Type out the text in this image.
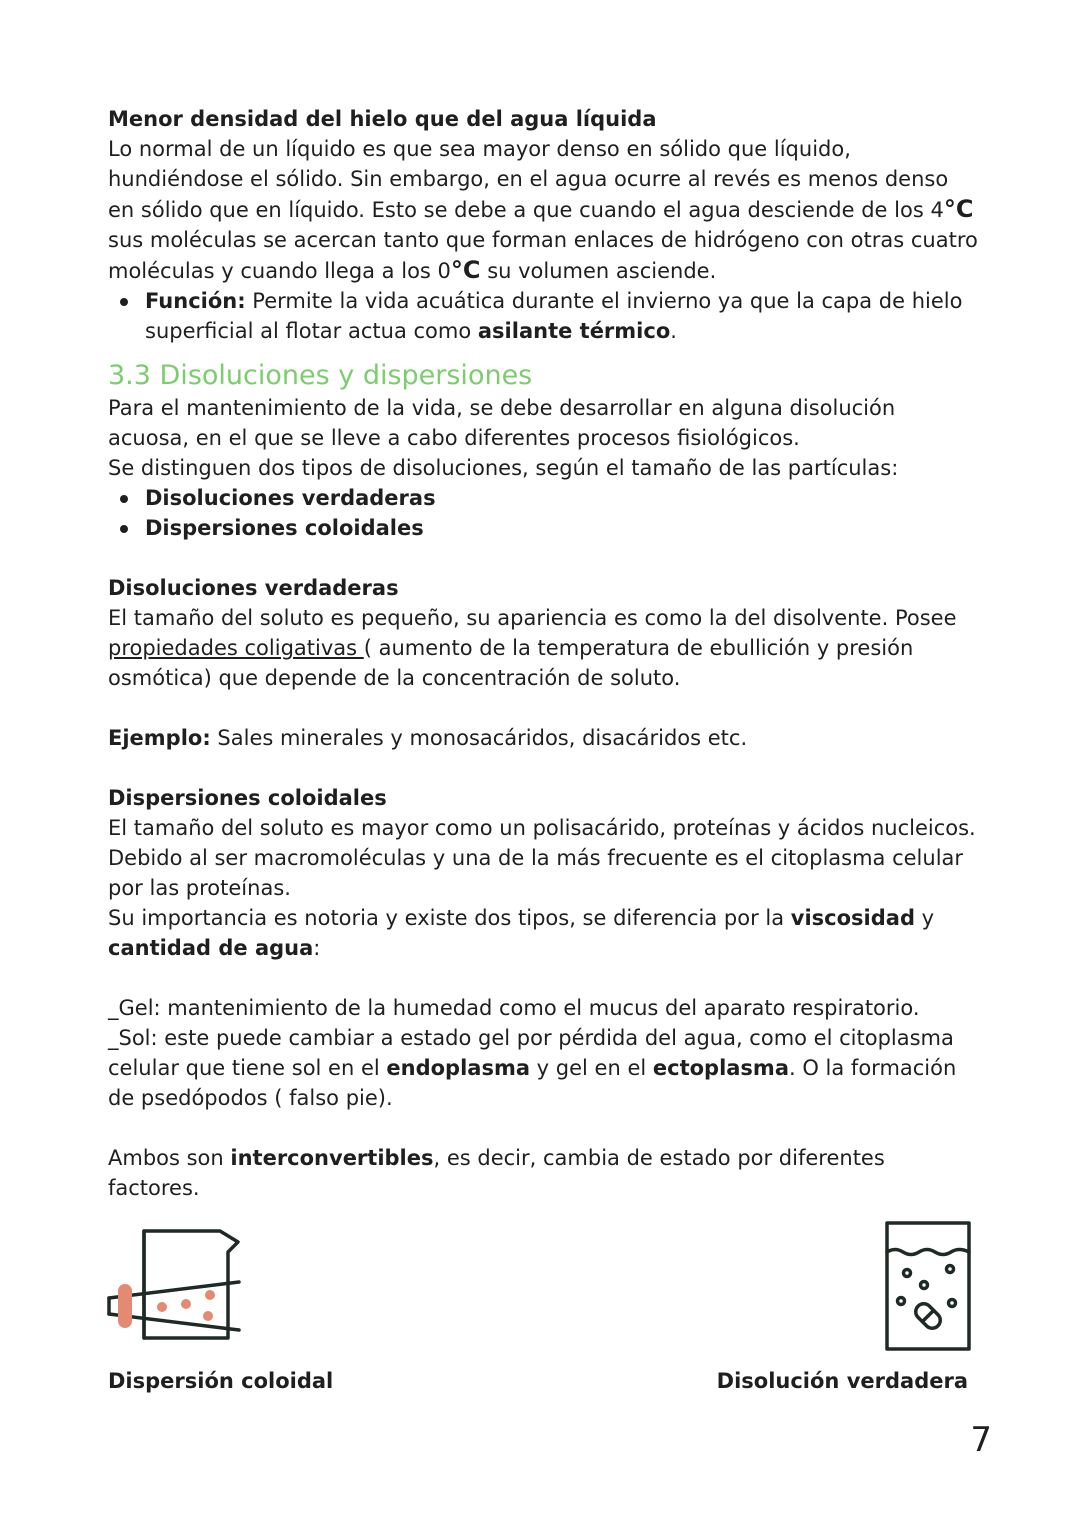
Menor densidad del hielo que del agua líquida

Lo normal de un líquido es que sea mayor denso en sólido que líquido, hundiéndose el sólido. Sin embargo, en el agua ocurre al revés es menos denso en sólido que en líquido. Esto se debe a que cuando el agua desciende de los 4°C sus moléculas se acercan tanto que forman enlaces de hidrógeno con otras cuatro moléculas y cuando llega a los 0°C su volumen asciende.

Función: Permite la vida acuática durante el invierno ya que la capa de hielo superficial al flotar actua como asilante térmico.
3.3 Disoluciones y dispersiones

Para el mantenimiento de la vida, se debe desarrollar en alguna disolución acuosa, en el que se lleve a cabo diferentes procesos fisiológicos.

Se distinguen dos tipos de disoluciones, según el tamaño de las partículas:

Disoluciones verdaderas
Dispersiones coloidales

Disoluciones verdaderas

El tamaño del soluto es pequeño, su apariencia es como la del disolvente. Posee propiedades coligativas ( aumento de la temperatura de ebullición y presión osmótica) que depende de la concentración de soluto.

Ejemplo: Sales minerales y monosacáridos, disacáridos etc.

Dispersiones coloidales

El tamaño del soluto es mayor como un polisacárido, proteínas y ácidos nucleicos. Debido al ser macromoléculas y una de la más frecuente es el citoplasma celular por las proteínas.

Su importancia es notoria y existe dos tipos, se diferencia por la viscosidad y cantidad de agua:

_Gel: mantenimiento de la humedad como el mucus del aparato respiratorio.

_Sol: este puede cambiar a estado gel por pérdida del agua, como el citoplasma celular que tiene sol en el endoplasma y gel en el ectoplasma. O la formación de psedópodos ( falso pie).

Ambos son interconvertibles, es decir, cambia de estado por diferentes factores.

Dispersión coloidal	Disolución verdadera

7
